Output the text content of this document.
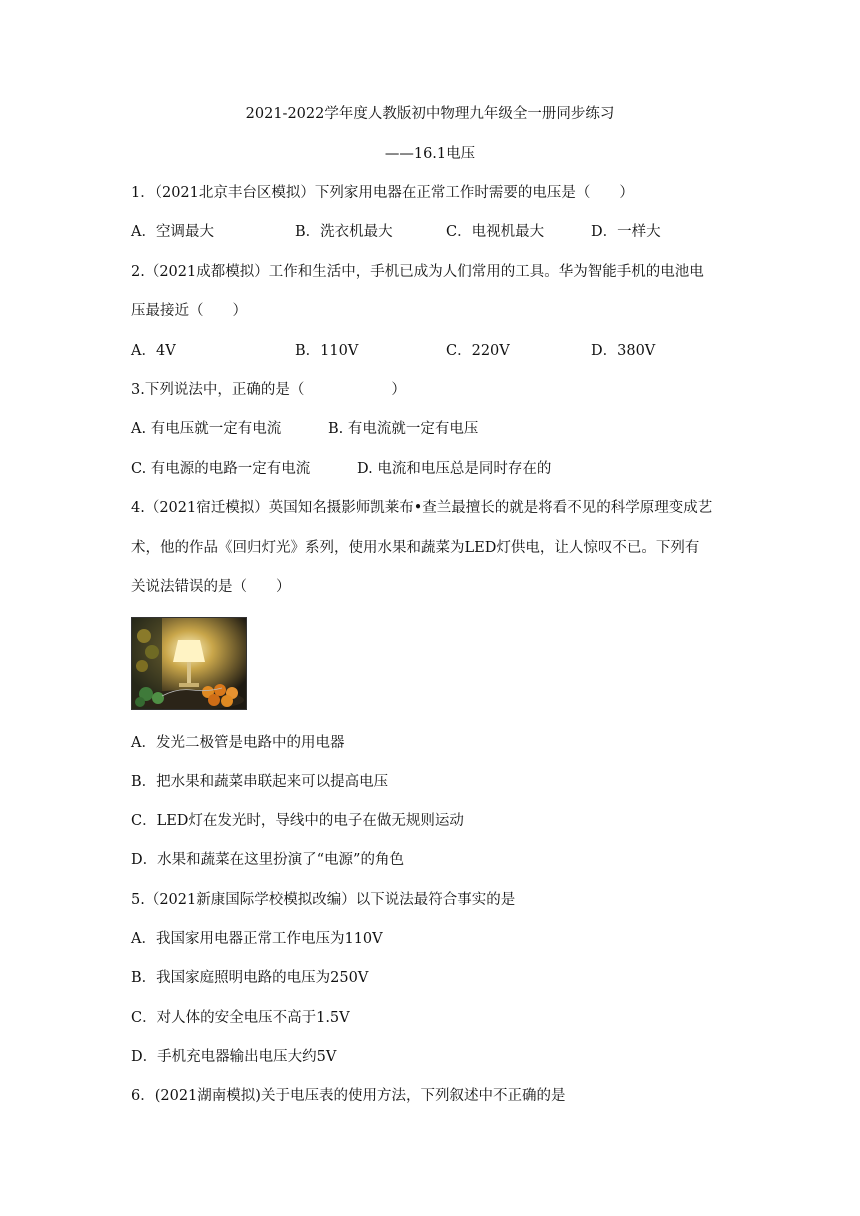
2021-2022学年度人教版初中物理九年级全一册同步练习
——16.1电压
1．（2021北京丰台区模拟）下列家用电器在正常工作时需要的电压是（　　）
A．空调最大	B．洗衣机最大	C．电视机最大	D．一样大
2.（2021成都模拟）工作和生活中，手机已成为人们常用的工具。华为智能手机的电池电
压最接近（　　）
A．4V	B．110V	C．220V	D．380V
3.下列说法中，正确的是（　　　　　　）
A. 有电压就一定有电流	B. 有电流就一定有电压
C. 有电源的电路一定有电流	D. 电流和电压总是同时存在的
4.（2021宿迁模拟）英国知名摄影师凯莱布•查兰最擅长的就是将看不见的科学原理变成艺
术，他的作品《回归灯光》系列，使用水果和蔬菜为LED灯供电，让人惊叹不已。下列有
关说法错误的是（　　）
A．发光二极管是电路中的用电器
B．把水果和蔬菜串联起来可以提高电压
C．LED灯在发光时，导线中的电子在做无规则运动
D．水果和蔬菜在这里扮演了“电源”的角色
5.（2021新康国际学校模拟改编）以下说法最符合事实的是
A．我国家用电器正常工作电压为110V
B．我国家庭照明电路的电压为250V
C．对人体的安全电压不高于1.5V
D．手机充电器输出电压大约5V
6．(2021湖南模拟)关于电压表的使用方法，下列叙述中不正确的是
